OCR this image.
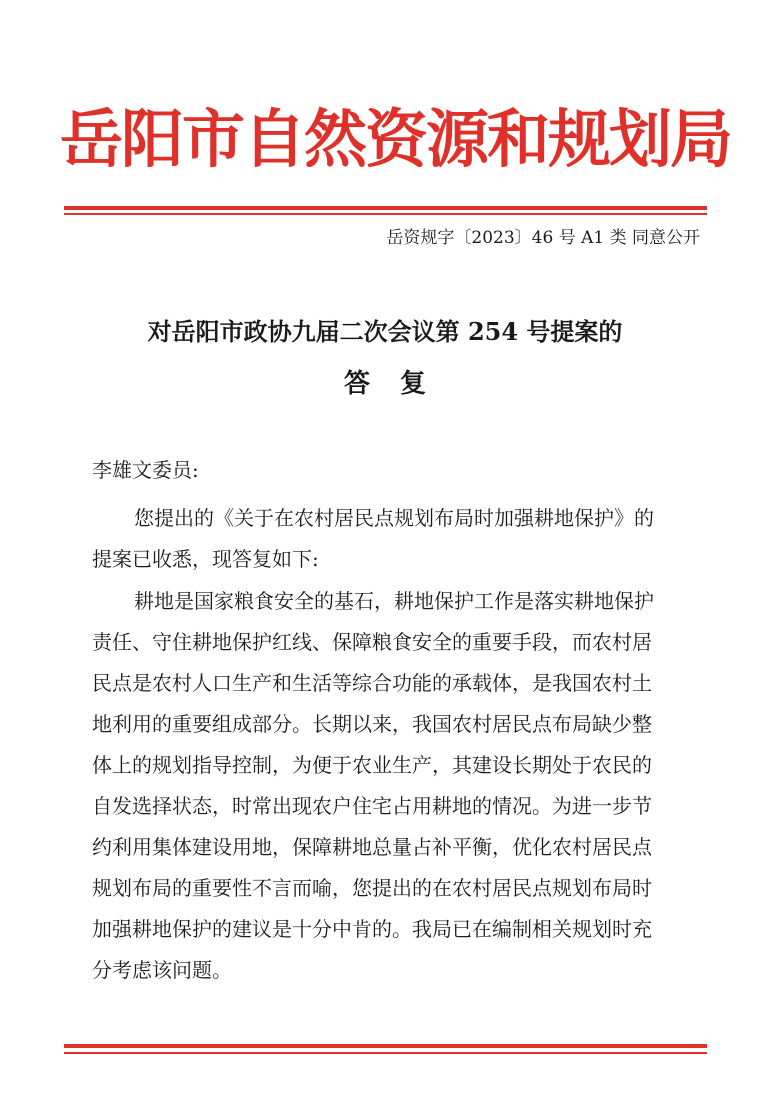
岳阳市自然资源和规划局
岳资规字〔2023〕46 号 A1 类 同意公开
对岳阳市政协九届二次会议第 254 号提案的
答复
李雄文委员:
您提出的《关于在农村居民点规划布局时加强耕地保护》的
提案已收悉，现答复如下:
耕地是国家粮食安全的基石，耕地保护工作是落实耕地保护
责任、守住耕地保护红线、保障粮食安全的重要手段，而农村居
民点是农村人口生产和生活等综合功能的承载体，是我国农村土
地利用的重要组成部分。长期以来，我国农村居民点布局缺少整
体上的规划指导控制，为便于农业生产，其建设长期处于农民的
自发选择状态，时常出现农户住宅占用耕地的情况。为进一步节
约利用集体建设用地，保障耕地总量占补平衡，优化农村居民点
规划布局的重要性不言而喻，您提出的在农村居民点规划布局时
加强耕地保护的建议是十分中肯的。我局已在编制相关规划时充
分考虑该问题。
